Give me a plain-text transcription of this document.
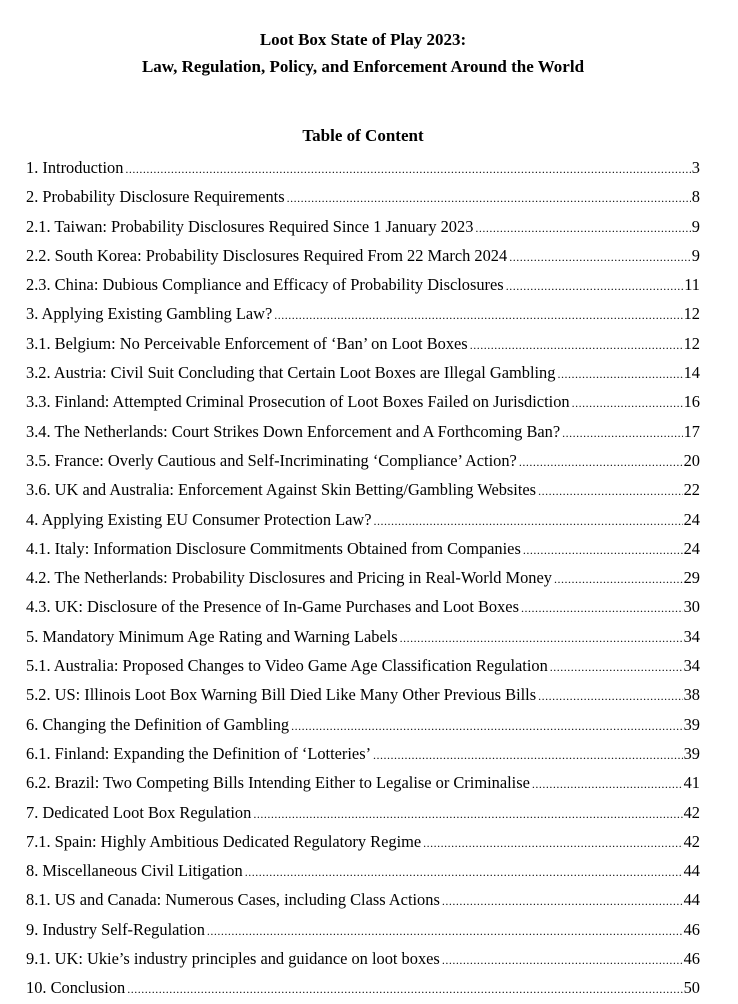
Loot Box State of Play 2023:
Law, Regulation, Policy, and Enforcement Around the World
Table of Content
1. Introduction .....	3
2. Probability Disclosure Requirements .....	8
2.1. Taiwan: Probability Disclosures Required Since 1 January 2023 .....	9
2.2. South Korea: Probability Disclosures Required From 22 March 2024 .....	9
2.3. China: Dubious Compliance and Efficacy of Probability Disclosures .....	11
3. Applying Existing Gambling Law? .....	12
3.1. Belgium: No Perceivable Enforcement of ‘Ban’ on Loot Boxes .....	12
3.2. Austria: Civil Suit Concluding that Certain Loot Boxes are Illegal Gambling .....	14
3.3. Finland: Attempted Criminal Prosecution of Loot Boxes Failed on Jurisdiction .....	16
3.4. The Netherlands: Court Strikes Down Enforcement and A Forthcoming Ban? .....	17
3.5. France: Overly Cautious and Self-Incriminating ‘Compliance’ Action? .....	20
3.6. UK and Australia: Enforcement Against Skin Betting/Gambling Websites .....	22
4. Applying Existing EU Consumer Protection Law? .....	24
4.1. Italy: Information Disclosure Commitments Obtained from Companies .....	24
4.2. The Netherlands: Probability Disclosures and Pricing in Real-World Money .....	29
4.3. UK: Disclosure of the Presence of In-Game Purchases and Loot Boxes .....	30
5. Mandatory Minimum Age Rating and Warning Labels .....	34
5.1. Australia: Proposed Changes to Video Game Age Classification Regulation .....	34
5.2. US: Illinois Loot Box Warning Bill Died Like Many Other Previous Bills .....	38
6. Changing the Definition of Gambling .....	39
6.1. Finland: Expanding the Definition of ‘Lotteries’ .....	39
6.2. Brazil: Two Competing Bills Intending Either to Legalise or Criminalise .....	41
7. Dedicated Loot Box Regulation .....	42
7.1. Spain: Highly Ambitious Dedicated Regulatory Regime .....	42
8. Miscellaneous Civil Litigation .....	44
8.1. US and Canada: Numerous Cases, including Class Actions .....	44
9. Industry Self-Regulation .....	46
9.1. UK: Ukie’s industry principles and guidance on loot boxes .....	46
10. Conclusion .....	50
